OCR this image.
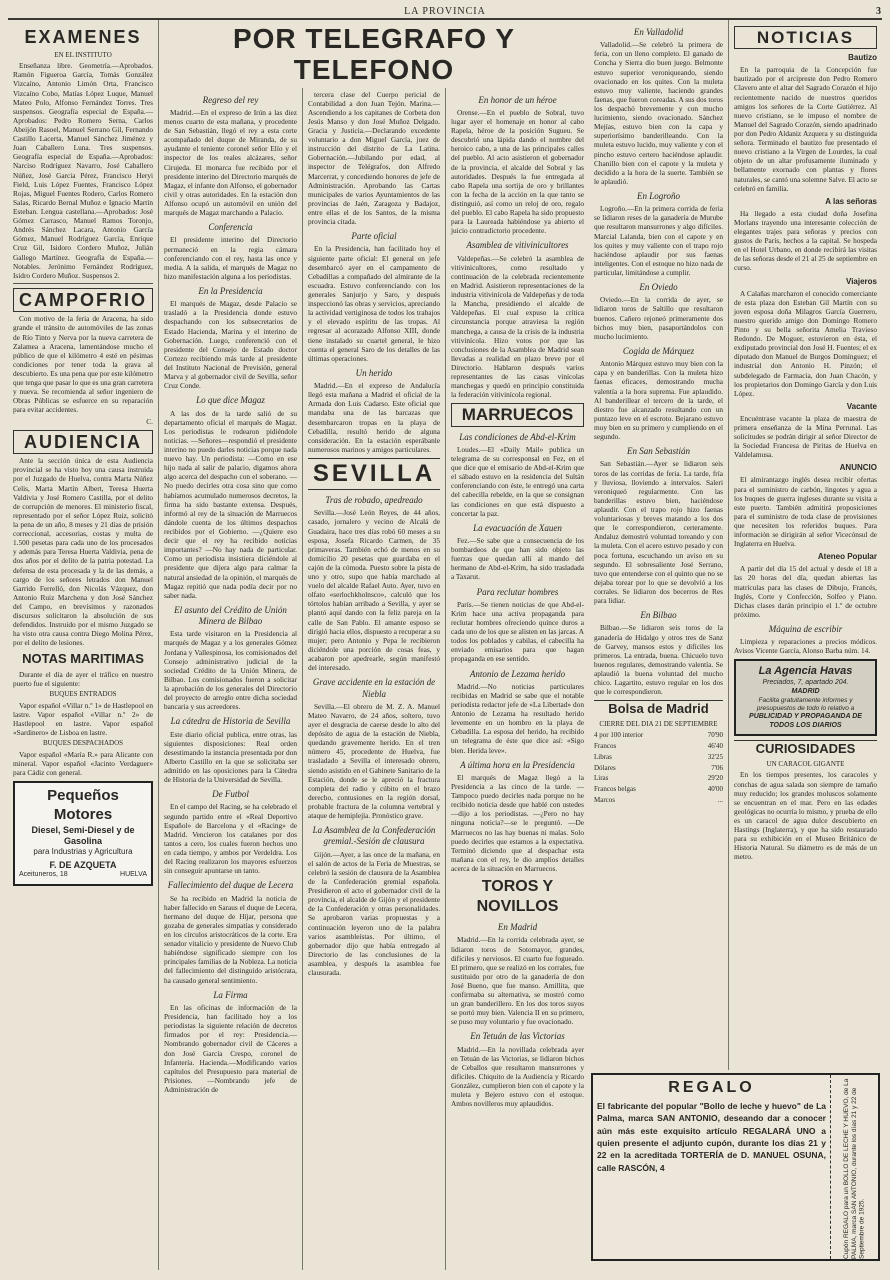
LA PROVINCIA	3
EXAMENES
EN EL INSTITUTO

Enseñanza libre. Geometría.—Aprobados. Ramón Figueroa García, Tomás González Vizcaíno, Antonio Limón Orta, Francisco Vizcaíno Cobo, Matías López Luque, Manuel Mateo Polo, Alfonso Fernández Torres. Tres suspensos. Geografía especial de España.—Aprobados: Pedro Romero Serna, Carlos Abeijón Rasoel, Manuel Serrano Gil, Fernando Castillo Lacerta, Manuel Sánchez Jiménez y Juan Caballero Luna. Tres suspensos. Geografía especial de España.—Aprobados: Narciso Rodríguez Navarro, José Caballero Núñez, José Garcia Pérez, Francisco Heryi Field, Luis López Fuentes, Francisco López Rojas, Miguel Fuentes Rodero, Carlos Romero Salas, Ricardo Bernal Muñoz e Ignacio Martín Esteban. Lengua castellana.—Aprobados: José Gómez Carrasco, Manuel Ramos Toronjo, Andrés Sánchez Lacara, Antonio García Gómez, Manuel Rodríguez García, Enrique Cruz Gil, Isidoro Cordero Muñoz, Julián Gallego Martínez. Geografía de España.—Notables. Jerónimo Fernández Rodríguez, Isidro Cordero Muñoz. Suspensos 2.

CAMPOFRIO

Con motivo de la feria de Aracena, ha sido grande el tránsito de automóviles de las zonas de Río Tinto y Nerva por la nueva carretera de Zalamea a Aracena, lamentándose mucho el público de que el kilómetro 4 esté en pésimas condiciones por tener toda la grava al descubierto. Es una pena que por este kilómetro que tenga que pasar lo que es una gran carretera y nueva. Se recomienda al señor ingeniero de Obras Públicas se esfuerce en su reparación para evitar accidentes.

C.
AUDIENCIA

Ante la sección única de esta Audiencia provincial se ha visto hoy una causa instruida por el Juzgado de Huelva, contra Marta Núñez Celis, Marta Martín Albert, Teresa Huerta Valdivia y José Romero Castilla, por el delito de corrupción de menores. El ministerio fiscal, representado por el señor López Ruiz, solicitó la pena de un año, 8 meses y 21 días de prisión correccional, accesorias, costas y multa de 1.500 pesetas para cada uno de los procesados y además para Teresa Huerta Valdivia, pena de dos años por el delito de la patria potestad. La defensa de esta procesada y la de las demás, a cargo de los señores letrados don Manuel Garrido Ferrelló, don Nicolás Vázquez, don Antonio Ruiz Marchena y don José Sánchez del Campo, en brevísimos y razonados discursos solicitaron la absolución de sus defendidos. Instruido por el mismo Juzgado se ha visto otra causa contra Diego Molina Pérez, por el delito de lesiones.

NOTAS MARITIMAS

Durante el día de ayer el tráfico en nuestro puerto fue el siguiente:

BUQUES ENTRADOS

Vapor español «Villar n.º 1» de Hastlepool en lastre. Vapor español «Villar n.º 2» de Hastlepool en lastre. Vapor español «Sardinero» de Lisboa en lastre.

BUQUES DESPACHADOS

Vapor español «María R.» para Alicante con mineral. Vapor español «Jacinto Verdaguer» para Cádiz con general.

Pequeños Motores
Diesel, Semi-Diesel y de Gasolina
para Industrias y Agricultura
F. DE AZQUETA
Aceituneros, 18	HUELVA
POR TELEGRAFO Y TELEFONO
Regreso del rey

Madrid.—En el expreso de Irún a las diez menos cuarto de esta mañana, y procedente de San Sebastián, llegó el rey a esta corte acompañado del duque de Miranda, de su ayudante el teniente coronel señor Elío y el inspector de los reales alcázares, señor Cirujeda. El monarca fue recibido por el presidente interino del Directorio marqués de Magaz, el infante don Alfonso, el gobernador civil y otras autoridades. En la estación don Alfonso ocupó un automóvil en unión del marqués de Magaz marchando a Palacio.

Conferencia

El presidente interino del Directorio permaneció en la regia cámara conferenciando con el rey, hasta las once y media. A la salida, el marqués de Magaz no hizo manifestación alguna a los periodistas.

En la Presidencia

El marqués de Magaz, desde Palacio se trasladó a la Presidencia donde estuvo despachando con los subsecretarios de Estado Hacienda, Marina y el interino de Gobernación. Luego, conferenció con el presidente del Consejo de Estado doctor Cortezo recibiendo más tarde al presidente del Instituto Nacional de Previsión, general Marva y al gobernador civil de Sevilla, señor Cruz Conde.

Lo que dice Magaz

A las dos de la tarde salió de su departamento oficial el marqués de Magaz. Los periodistas le rodearon pidiéndole noticias. —Señores—respondió el presidente interino no puedo darles noticias porque nada nuevo hay. Un periodista: —Como en ese hijo nada al salir de palacio, digamos ahora algo acerca del despacho con el soberano. —No puedo decirles otra cosa sino que como habíamos acumulado numerosos decretos, la firma ha sido bastante extensa. Después, informó al rey de la situación de Marruecos dándole cuenta de los últimos despachos recibidos por el Gobierno. —¿Quiere eso decir que el rey ha recibido noticias importantes? —No hay nada de particular. Como un periodista insistiera diciéndole al presidente que dijera algo para calmar la natural ansiedad de la opinión, el marqués de Magaz repitió que nada podía decir por no saber nada.

El asunto del Crédito de Unión Minera de Bilbao

Esta tarde visitaron en la Presidencia al marqués de Magaz y a los generales Gómez Jordana y Vallespinosa, los comisionados del Consejo administrativo judicial de la sociedad Crédito de la Unión Minera, de Bilbao. Los comisionados fueron a solicitar la aprobación de los generales del Directorio del proyecto de arreglo entre dicha sociedad bancaria y sus acreedores.

La cátedra de Historia de Sevilla

Este diario oficial publica, entre otras, las siguientes disposiciones: Real orden desestimando la instancia presentada por don Alberto Castillo en la que se solicitaba ser admitido en las oposiciones para la Cátedra de Historia de la Universidad de Sevilla.

De Futbol

En el campo del Racing, se ha celebrado el segundo partido entre el «Real Deportivo Español» de Barcelona y el «Racing» de Madrid. Vencieron los catalanes por dos tantos a cero, los cuales fueron hechos uno en cada tiempo, y ambos por Verdeldra. Los del Racing realizaron los mayores esfuerzos sin conseguir apuntarse un tanto.

Fallecimiento del duque de Lecera

Se ha recibido en Madrid la noticia de haber fallecido en Saraus el duque de Lecera, hermano del duque de Híjar, persona que gozaba de generales simpatías y considerado en los círculos aristocráticos de la corte. Era senador vitalicio y presidente de Nuevo Club habiéndose significado siempre con los principales familias de la Nobleza. La noticia del fallecimiento del distinguido aristócrata, ha causado general sentimiento.

La Firma

En las oficinas de información de la Presidencia, han facilitado hoy a los periodistas la siguiente relación de decretos firmados por el rey: Presidencia.—Nombrando gobernador civil de Cáceres a don José García Crespo, coronel de Infantería. Hacienda.—Modificando varios capítulos del Presupuesto para material de Prisiones. —Nombrando jefe de Administración de

tercera clase del Cuerpo pericial de Contabilidad a don Juan Tejón. Marina.—Ascendiendo a los capitanes de Corbeta don Jesús Manso y don José Muñoz Delgado. Gracia y Justicia.—Declarando excedente voluntario a don Miguel García, juez de instrucción del distrito de La Latina. Gobernación.—Jubilando por edad, al inspector de Telégrafos, don Alfredo Marcerrat, y concediendo honores de jefe de Administración. Aprobando las Cartas municipales de varios Ayuntamientos de las provincias de Jaén, Zaragoza y Badajoz, entre ellas el de los Santos, de la misma provincia citada.

Parte oficial

En la Presidencia, han facilitado hoy el siguiente parte oficial: El general en jefe desembarcó ayer en el campamento de Cebadillas a compañado del almirante de la escuadra. Estuvo conferenciando con los generales Sanjurjo y Saro, y después inspeccionó las obras y servicios, apreciando la actividad vertiginosa de todos los trabajos y el elevado espíritu de las tropas. Al regresar al acorazado Alfonso XIII, donde tiene instalado su cuartel general, le hizo cuenta el general Saro de los detalles de las últimas operaciones.

Un herido

Madrid.—En el expreso de Andalucía llegó esta mañana a Madrid el oficial de la Armada don Luis Cadarso. Este oficial que mandaba una de las barcazas que desembarcaron tropas en la playa de Cebadilla, resultó herido de alguna consideración. En la estación esperábanle numerosos marinos y amigos particulares.

SEVILLA
Tras de robado, apedreado

Sevilla.—José León Reyes, de 44 años, casado, jornalero y vecino de Alcalá de Guadaira, hace tres días robó 60 meses a su esposa, Josefa Ricardo Carmen, de 35 primaveras. También echó de menos en su domicilio 20 pesetas que guardaba en el cajón de la cómoda. Puesto sobre la pista de uno y otro, supo que había marchado al vuelo del alcalde Rafael Auto. Ayer, tuvo en olfato «serlochkholnsco», calculó que los tórtolos habían arribado a Sevilla, y ayer se plantó aquí dando con la feliz pareja en la calle de San Pablo. El amante esposo se dirigió hacia ellos, dispuesto a recuperar a su mujer; pero Antonio y Pepa le recibieron diciéndole una porción de cosas feas, y acabaron por apedrearle, según manifestó del interesado.

Grave accidente en la estación de Niebla

Sevilla.—El obrero de M. Z. A. Manuel Mateo Navarro, de 24 años, soltero, tuvo ayer el desgracia de caerse desde lo alto del depósito de agua de la estación de Niebla, quedando gravemente herido. En el tren número 45, procedente de Huelva, fue trasladado a Sevilla el interesado obrero, siendo asistido en el Gabinete Sanitario de la Estación, donde se le apreció la fractura completa del radio y cúbito en el brazo derecho, contusiones en la región dorsal, probable fractura de la columna vertebral y ataque de hemiplejía. Pronóstico grave.

La Asamblea de la Confederación gremial.-Sesión de clausura

Gijón.—Ayer, a las once de la mañana, en el salón de actos de la Feria de Muestras, se celebró la sesión de clausura de la Asamblea de la Confederación gremial española. Presidieron el acto el gobernador civil de la provincia, el alcalde de Gijón y el presidente de la Confederación y otras personalidades. Se aprobaron varias propuestas y a continuación leyeron uno de la palabra varios asambleístas. Por último, el gobernador dijo que había entregado al Directorio de las conclusiones de la asamblea, y después la asamblea fue clausurada.

En honor de un héroe

Orense.—En el pueblo de Sobral, tuvo lugar ayer el homenaje en honor al cabo Rapela, héroe de la posición Sugueu. Se descubrió una lápida dando el nombre del heroico cabo, a una de las principales calles del pueblo. Al acto asistieron el gobernador de la provincia, el alcalde del Sobral y las autoridades. Después la fue entregada al cabo Rapela una sortija de oro y brillantes con la fecha de la acción en la que tanto se distinguió, así como un reloj de oro, regalo del pueblo. El cabo Rapela ha sido propuesto para la Laureada habiéndose ya abierto el juicio contradictorio procedente.

Asamblea de vitivinicultores

Valdepeñas.—Se celebró la asamblea de vitivinicultores, como resultado y continuación de la celebrada recientemente en Madrid. Asistieron representaciones de la industria vitivinícola de Valdepeñas y de toda la Mancha, presidiendo el alcalde de Valdepeñas. El cual expuso la crítica circunstancia porque atraviesa la región manchega, a causa de la crisis de la industria vitivinícola. Hizo votos por que las conclusiones de la Asamblea de Madrid sean llevadas a realidad en plazo breve por el Directorio. Hablaron después varios representantes de las casas vinícolas manchegas y quedó en principio constituida la federación vitivinícola regional.

MARRUECOS
Las condiciones de Abd-el-Krim

Loudes.—El «Daily Mail» publica un telegrama de su corresponsal en Fez, en el que dice que el emisario de Abd-el-Krim que el sábado estuvo en la residencia del Sultán conferenciando con éste, le entregó una carta del cabecilla rebelde, en la que se consignan las condiciones en que está dispuesto a concertar la paz.

La evacuación de Xauen

Fez.—Se sabe que a consecuencia de los bombardeos de que han sido objeto las fuerzas que quedan allí al mando del hermano de Abd-el-Krim, ha sido trasladada a Taxarut.

Para reclutar hombres

París.—Se tienen noticias de que Abd-el-Krim hace una activa propaganda para reclutar hombres ofreciendo quince duros a cada uno de los que se alisten en las jarcas. A todos los poblados y cabilas, el cabecilla ha enviado emisarios para que hagan propaganda en ese sentido.

Antonio de Lezama herido

Madrid.—No noticias particulares recibidas en Madrid se sabe que el notable periodista redactor jefe de «La Libertad» don Antonio de Lezama ha resultado herido levemente en un hombro en la playa de Cebadilla. La esposa del herido, ha recibido un telegrama de éste que dice así: «Sigo bien. Herida leve».

A última hora en la Presidencia

El marqués de Magaz llegó a la Presidencia a las cinco de la tarde. —Tampoco puedo decirles nada porque no he recibido noticia desde que hablé con ustedes—dijo a los periodistas. —¿Pero no hay ninguna noticia?—se le preguntó. —De Marruecos no las hay buenas ni malas. Solo puedo decirles que estamos a la expectativa. Terminó diciendo que al despachar esta mañana con el rey, le dio amplios detalles acerca de la situación en Marruecos.

TOROS Y NOVILLOS
En Madrid

Madrid.—En la corrida celebrada ayer, se lidiaron toros de Sotomayor, grandes, difíciles y nerviosos. El cuarto fue fogueado. El primero, que se realizó en los corrales, fue sustituido por otro de la ganadería de don José Bueno, que fue manso. Amillita, que confirmaba su alternativa, se mostró como un gran banderillero. En los dos toros suyos se portó muy bien. Valencia II en su primero, se puso muy voluntario y fue ovacionado.

En Tetuán de las Victorias

Madrid.—En la novillada celebrada ayer en Tetuán de las Victorias, se lidiaron bichos de Ceballos que resultaron mansurrones y difíciles. Chiquito de la Audiencia y Ricardo González, cumplieron bien con el capote y la muleta y Bejero estuvo con el estoque. Ambos novilleros muy aplaudidos.

En Valladolid

Valladolid.—Se celebró la primera de feria, con un lleno completo. El ganado de Concha y Sierra dio buen juego. Belmonte estuvo superior veroniqueando, siendo ovacionado en los quites. Con la muleta estuvo muy valiente, haciendo grandes faenas, que fueron coreadas. A sus dos toros los despachó brevemente y con mucho lucimiento, siendo ovacionado. Sánchez Mejías, estuvo bien con la capa y superiorísimo banderilleando. Con la muleta estuvo lucido, muy valiente y con el pincho estuvo certero haciéndose aplaudir. Chanillo bien con el capote y la muleta y decidido a la hora de la suerte. También se le aplaudió.

En Logroño

Logroño.—En la primera corrida de feria se lidiaron reses de la ganadería de Murube que resultaron mansurrones y algo difíciles. Marcial Lalanda, bien con el capote y en los quites y muy valiente con el trapo rojo haciéndose aplaudir por sus faenas inteligentes. Con el estoque no hizo nada de particular, limitándose a cumplir.

En Oviedo

Oviedo.—En la corrida de ayer, se lidiaron toros de Saltillo que resultaron buenos. Cañero rejoneó primeramente dos bichos muy bien, pasaportándolos con mucho lucimiento.

Cogida de Márquez

Antonio Márquez estuvo muy bien con la capa y en banderillas. Con la muleta hizo faenas eficaces, demostrando mucha valentía a la hora suprema. Fue aplaudido. Al banderillear el tercero de la tarde, el diestro fue alcanzado resultando con un puntazo leve en el escroto. Bejarano estuvo muy bien en su primero y cumpliendo en el segundo.

En San Sebastián

San Sebastián.—Ayer se lidiaron seis toros de las corridas de feria. La tarde, fría y lluviosa, lloviendo a intervalos. Saleri veroniqueó regularmente. Con las banderillas estuvo bien, haciéndose aplaudir. Con el trapo rojo hizo faenas voluntariosas y breves matando a los dos que le correspondieron, certeramente. Andaluz demostró voluntad toreando y con la muleta. Con el acero estuvo pesado y con poca fortuna, escuchando un aviso en su segundo. El sobresaliente José Serrano, tuvo que entenderse con el quinto que no se dejaba torear por lo que se devolvió a los corrales. Se lidiaron dos becerros de Res para lidiar.

En Bilbao

Bilbao.—Se lidiaron seis toros de la ganadería de Hidalgo y otros tres de Sanz de Garvey, mansos estos y difíciles los primeros. La entrada, buena. Chicuelo tuvo buenos regulares, demostrando valentía. Se aplaudió la buena voluntad del mucho chico. Lagartito, estuvo regular en los dos que le correspondieron.

Bolsa de Madrid
CIERRE DEL DIA 21 DE SEPTIEMBRE
4 por 100 interior	70'90
Francos	46'40
Libras	32'25
Dólares	7'06
Liras	29'20
Francos belgas	40'00
Marcos	...
NOTICIAS
Bautizo

En la parroquia de la Concepción fue bautizado por el arcipreste don Pedro Romero Clavero ante el altar del Sagrado Corazón el hijo recientemente nacido de nuestros queridos amigos los señores de la Corte Gutiérrez. Al nuevo cristiano, se le impuso el nombre de Manuel del Sagrado Corazón, siendo apadrinado por don Pedro Aldaniz Azquera y su distinguida señora. Terminado el bautizo fue presentado el nuevo cristiano a la Virgen de Lourdes, la cual objeto de un altar profusamente iluminado y bellamente exornado con plantas y flores naturales, se cantó una solemne Salve. El acto se celebró en familia.

A las señoras

Ha llegado a esta ciudad doña Josefina Morlans trayendo una interesante colección de elegantes trajes para señoras y precios con gustos de París, hechos a la capital. Se hospeda en el Hotel Urbano, en donde recibirá las visitas de las señoras desde el 21 al 25 de septiembre en curso.

Viajeros

A Calañas marcharon el conocido comerciante de esta plaza don Esteban Gil Martín con su joven esposa doña Milagros García Guerrero, nuestro querido amigo don Domingo Romero Pinto y su bella señorita Amelia Travieso Redondo. De Moguer, estuvieron en ésta, el exdiputado provincial don José H. Fuentes; el ex diputado don Manuel de Burgos Domínguez; el industrial don Antonio H. Pinzón; el subdelegado de Farmacia, don Juan Chacón, y los propietarios don Domingo García y don Luis López.

Vacante

Encuéntrase vacante la plaza de maestra de primera enseñanza de la Mina Perrunal. Las solicitudes se podrán dirigir al señor Director de la Sociedad Francesa de Piritas de Huelva en Valdelamusa.

ANUNCIO

El almirantazgo inglés desea recibir ofertas para el suministro de carbón, lingotes y agua a los buques de guerra ingleses durante su visita a este puerto. También admitirá proposiciones para el suministro de toda clase de provisiones que necesiten los referidos buques. Para información se dirigirán al señor Vicecónsul de Inglaterra en Huelva.

Ateneo Popular

A partir del día 15 del actual y desde el 18 a las 20 horas del día, quedan abiertas las matrículas para las clases de Dibujo, Francés, Inglés, Corte y Confección, Solfeo y Piano. Dichas clases darán principio el 1.º de octubre próximo.

Máquina de escribir

Limpieza y reparaciones a precios módicos. Avisos Vicente García, Alonso Barba núm. 14.

La Agencia Havas
Preciados, 7, apartado 204.
MADRID
Facilita gratuitamente informes y presupuestos de todo lo relativo a
PUBLICIDAD Y PROPAGANDA DE TODOS LOS DIARIOS
CURIOSIDADES
UN CARACOL GIGANTE

En los tiempos presentes, los caracoles y conchas de agua salada son siempre de tamaño muy reducido; los grandes moluscos solamente se encuentran en el mar. Pero en las edades geológicas no ocurría lo mismo, y prueba de ello es un caracol de agua dulce descubierto en Hastings (Inglaterra), y que ha sido restaurado para su exhibición en el Museo Británico de Historia Natural. Su diámetro es de más de un metro.

REGALO
El fabricante del popular "Bollo de leche y huevo" de La Palma, marca SAN ANTONIO, deseando dar a conocer aún más este exquisito artículo REGALARÁ UNO a quien presente el adjunto cupón, durante los días 21 y 22 en la acreditada TORTERÍA de D. MANUEL OSUNA, calle RASCÓN, 4	Cupón REGALO para un BOLLO DE LECHE Y HUEVO, de La PALMA, marca SAN ANTONIO, durante los días 21 y 22 de Septiembre de 1925.
